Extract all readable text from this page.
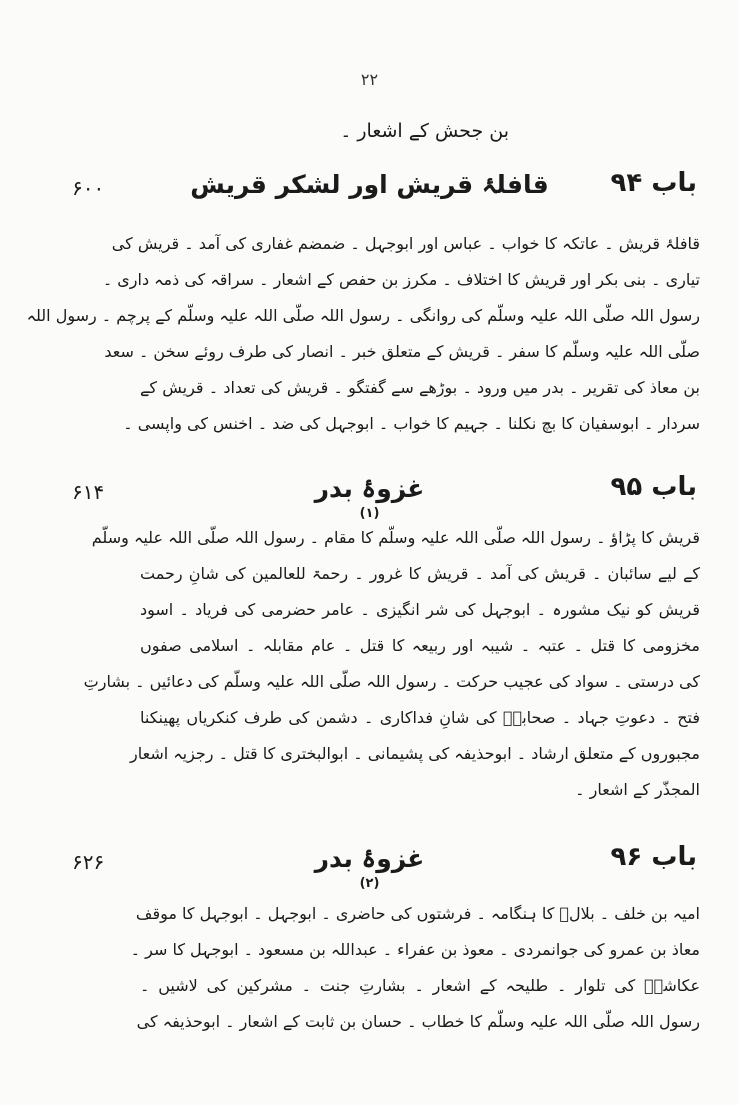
۲۲
بن جحش کے اشعار ۔
باب ۹۴
قافلۂ قریش اور لشکر قریش
۶۰۰
قافلۂ قریش ۔ عاتکہ کا خواب ۔ عباس اور ابوجہل ۔ ضمضم غفاری کی آمد ۔ قریش کی
تیاری ۔ بنی بکر اور قریش کا اختلاف ۔ مکرز بن حفص کے اشعار ۔ سراقہ کی ذمہ داری ۔
رسول اللہ صلّی اللہ علیہ وسلّم کی روانگی ۔ رسول اللہ صلّی اللہ علیہ وسلّم کے پرچم ۔ رسول اللہ
صلّی اللہ علیہ وسلّم کا سفر ۔ قریش کے متعلق خبر ۔ انصار کی طرف روئے سخن ۔ سعد
بن معاذ کی تقریر ۔ بدر میں ورود ۔ بوڑھے سے گفتگو ۔ قریش کی تعداد ۔ قریش کے
سردار ۔ ابوسفیان کا بچ نکلنا ۔ جہیم کا خواب ۔ ابوجہل کی ضد ۔ اخنس کی واپسی ۔
باب ۹۵
غزوۂ بدر
(۱)
۶۱۴
قریش کا پڑاؤ ۔ رسول اللہ صلّی اللہ علیہ وسلّم کا مقام ۔ رسول اللہ صلّی اللہ علیہ وسلّم
کے لیے سائبان ۔ قریش کی آمد ۔ قریش کا غرور ۔ رحمۃ للعالمین کی شانِ رحمت
قریش کو نیک مشورہ ۔ ابوجہل کی شر انگیزی ۔ عامر حضرمی کی فریاد ۔ اسود
مخزومی کا قتل ۔ عتبہ ۔ شیبہ اور ربیعہ کا قتل ۔ عام مقابلہ ۔ اسلامی صفوں
کی درستی ۔ سواد کی عجیب حرکت ۔ رسول اللہ صلّی اللہ علیہ وسلّم کی دعائیں ۔ بشارتِ
فتح ۔ دعوتِ جہاد ۔ صحابہؓ کی شانِ فداکاری ۔ دشمن کی طرف کنکریاں پھینکنا
مجبوروں کے متعلق ارشاد ۔ ابوحذیفہ کی پشیمانی ۔ ابوالبختری کا قتل ۔ رجزیہ اشعار
المجذّر کے اشعار ۔
باب ۹۶
غزوۂ بدر
(۲)
۶۲۶
امیہ بن خلف ۔ بلالؓ کا ہنگامہ ۔ فرشتوں کی حاضری ۔ ابوجہل ۔ ابوجہل کا موقف
معاذ بن عمرو کی جوانمردی ۔ معوذ بن عفراء ۔ عبداللہ بن مسعود ۔ ابوجہل کا سر ۔
عکاشہؓ کی تلوار ۔ طلیحہ کے اشعار ۔ بشارتِ جنت ۔ مشرکین کی لاشیں ۔
رسول اللہ صلّی اللہ علیہ وسلّم کا خطاب ۔ حسان بن ثابت کے اشعار ۔ ابوحذیفہ کی
